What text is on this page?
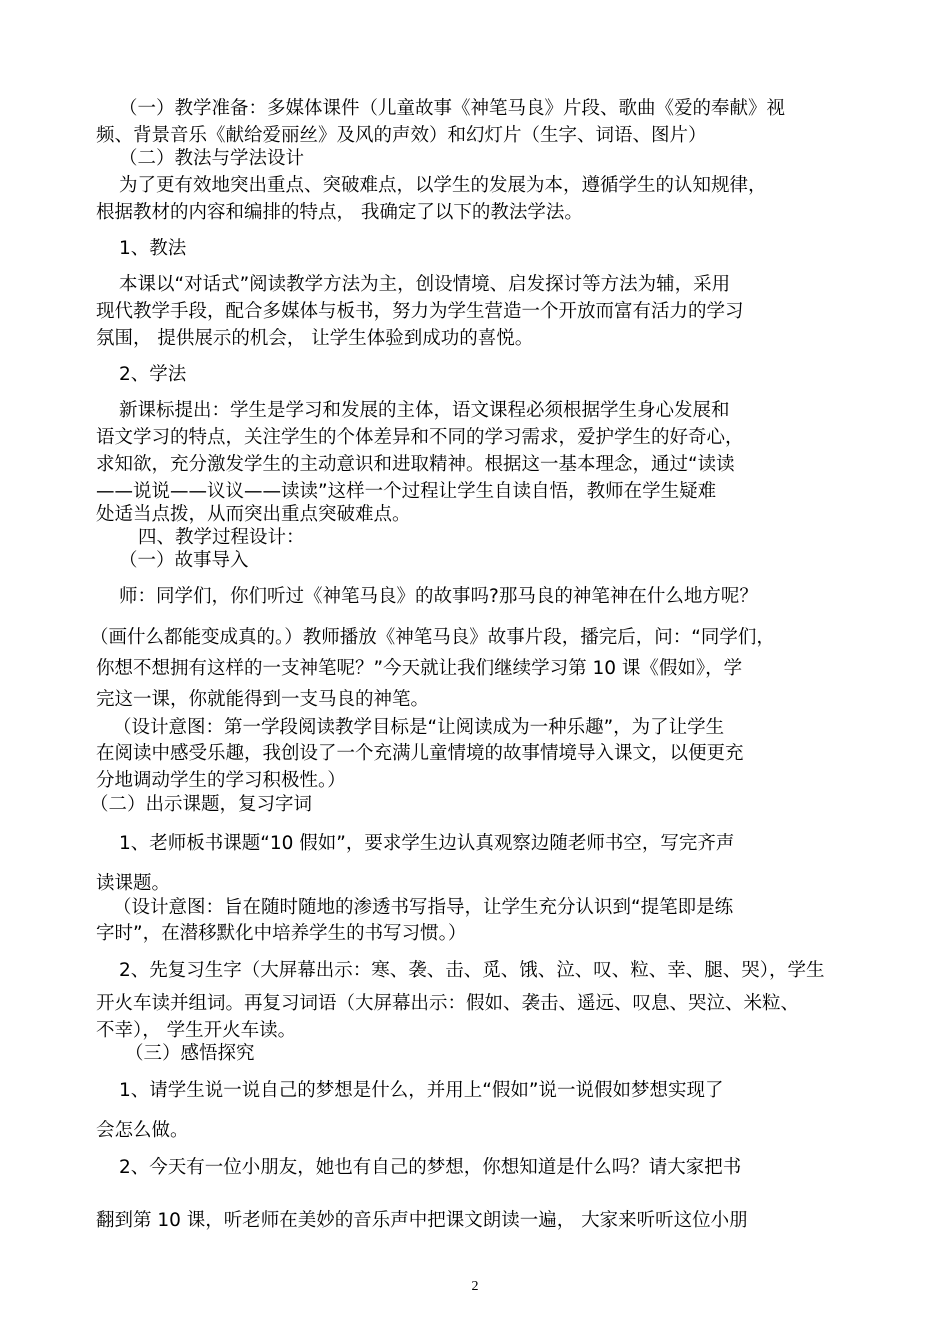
（一）教学准备：多媒体课件（儿童故事《神笔马良》片段、歌曲《爱的奉献》视
频、背景音乐《献给爱丽丝》及风的声效）和幻灯片（生字、词语、图片）
（二）教法与学法设计
为了更有效地突出重点、突破难点，以学生的发展为本，遵循学生的认知规律，
根据教材的内容和编排的特点， 我确定了以下的教法学法。
1、教法
本课以“对话式”阅读教学方法为主，创设情境、启发探讨等方法为辅，采用
现代教学手段，配合多媒体与板书，努力为学生营造一个开放而富有活力的学习
氛围， 提供展示的机会， 让学生体验到成功的喜悦。
2、学法
新课标提出：学生是学习和发展的主体，语文课程必须根据学生身心发展和
语文学习的特点，关注学生的个体差异和不同的学习需求，爱护学生的好奇心，
求知欲，充分激发学生的主动意识和进取精神。根据这一基本理念，通过“读读
——说说——议议——读读”这样一个过程让学生自读自悟，教师在学生疑难
处适当点拨，从而突出重点突破难点。
四、教学过程设计：
（一）故事导入
师：同学们，你们听过《神笔马良》的故事吗?那马良的神笔神在什么地方呢？
（画什么都能变成真的。）教师播放《神笔马良》故事片段，播完后，问：“同学们，
你想不想拥有这样的一支神笔呢？”今天就让我们继续学习第 10 课《假如》，学
完这一课，你就能得到一支马良的神笔。
（设计意图：第一学段阅读教学目标是“让阅读成为一种乐趣”，为了让学生
在阅读中感受乐趣，我创设了一个充满儿童情境的故事情境导入课文，以便更充
分地调动学生的学习积极性。）
（二）出示课题，复习字词
1、老师板书课题“10 假如”，要求学生边认真观察边随老师书空，写完齐声
读课题。
（设计意图：旨在随时随地的渗透书写指导，让学生充分认识到“提笔即是练
字时”，在潜移默化中培养学生的书写习惯。）
2、先复习生字（大屏幕出示：寒、袭、击、觅、饿、泣、叹、粒、幸、腿、哭），学生
开火车读并组词。再复习词语（大屏幕出示：假如、袭击、遥远、叹息、哭泣、米粒、
不幸）， 学生开火车读。
（三）感悟探究
1、请学生说一说自己的梦想是什么，并用上“假如”说一说假如梦想实现了
会怎么做。
2、今天有一位小朋友，她也有自己的梦想，你想知道是什么吗？请大家把书
翻到第 10 课，听老师在美妙的音乐声中把课文朗读一遍， 大家来听听这位小朋
2
